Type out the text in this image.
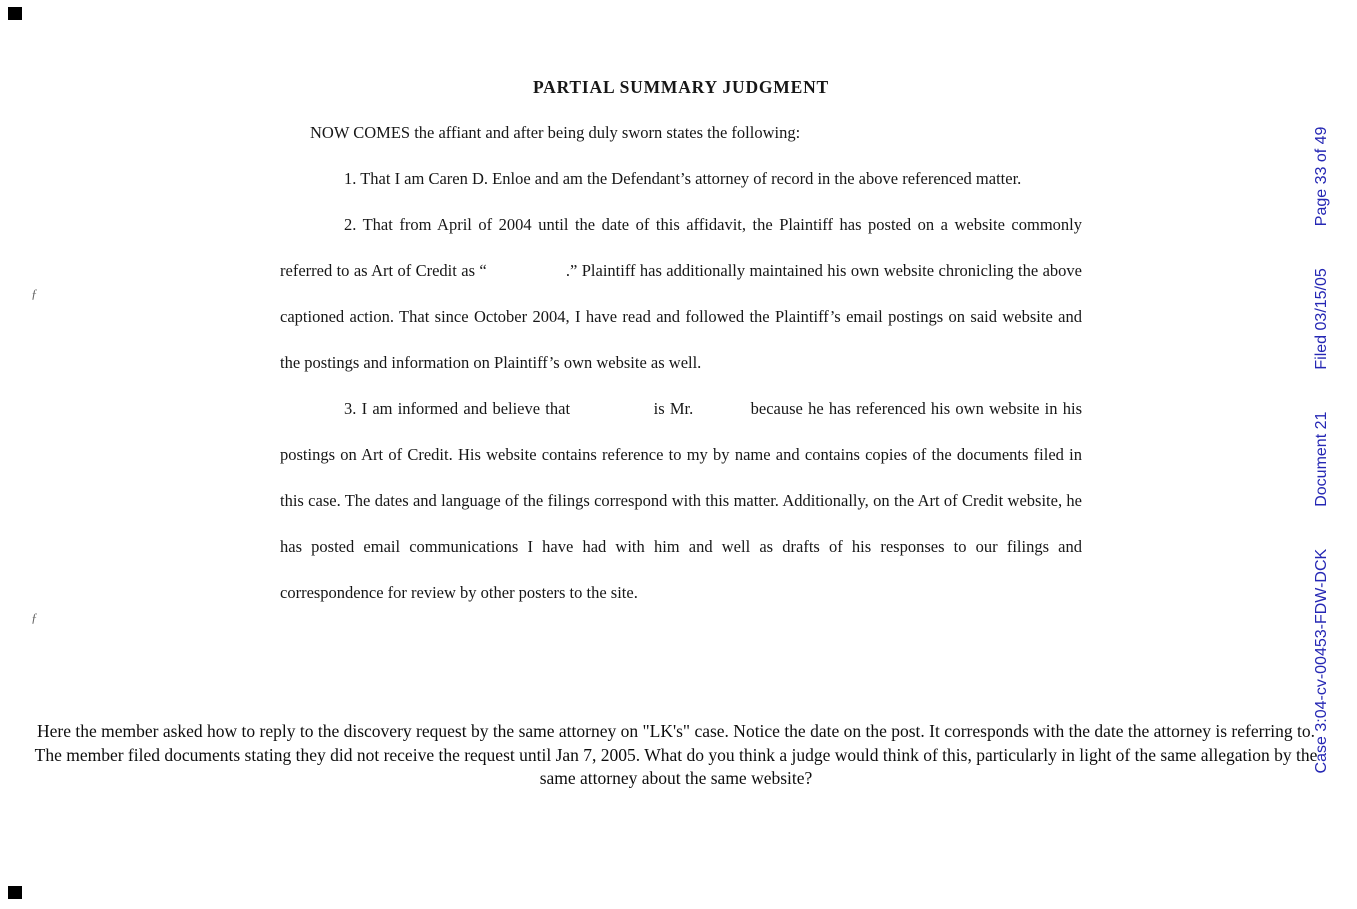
ƒ
ƒ
PARTIAL SUMMARY JUDGMENT

NOW COMES the affiant and after being duly sworn states the following:

1. That I am Caren D. Enloe and am the Defendant’s attorney of record in the above referenced matter.

2. That from April of 2004 until the date of this affidavit, the Plaintiff has posted on a website commonly referred to as Art of Credit as “                  .” Plaintiff has additionally maintained his own website chronicling the above captioned action. That since October 2004, I have read and followed the Plaintiff’s email postings on said website and the postings and information on Plaintiff’s own website as well.

3. I am informed and believe that                is Mr.           because he has referenced his own website in his postings on Art of Credit. His website contains reference to my by name and contains copies of the documents filed in this case. The dates and language of the filings correspond with this matter. Additionally, on the Art of Credit website, he has posted email communications I have had with him and well as drafts of his responses to our filings and correspondence for review by other posters to the site.

Here the member asked how to reply to the discovery request by the same attorney on "LK's" case. Notice the date on the post. It corresponds with the date the attorney is referring to. The member filed documents stating they did not receive the request until Jan 7, 2005. What do you think a judge would think of this, particularly in light of the same allegation by the same attorney about the same website?
Case 3:04-cv-00453-FDW-DCK
Document 21
Filed 03/15/05
Page 33 of 49
